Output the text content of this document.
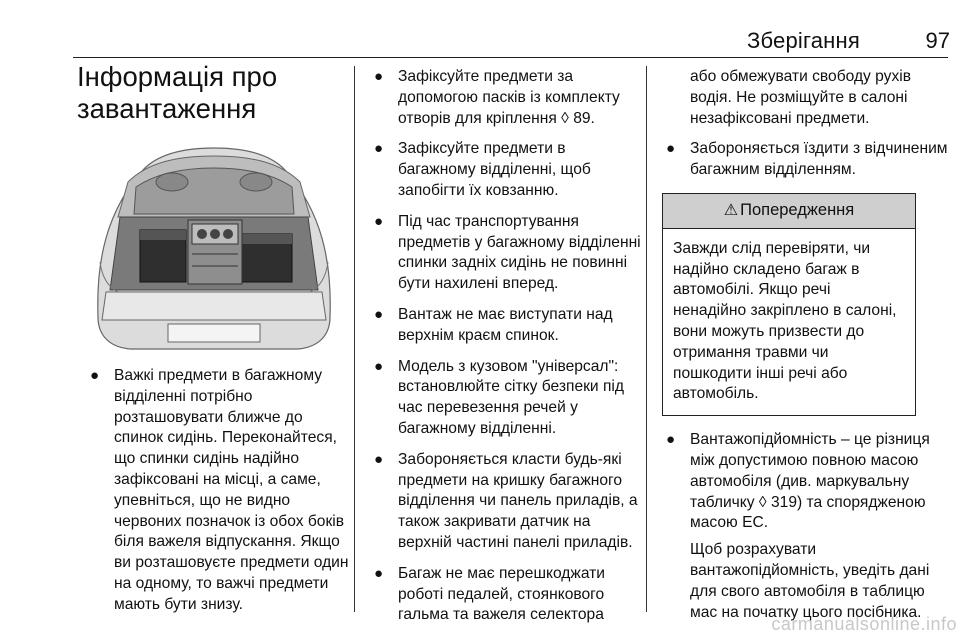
Зберігання	97
Інформація про завантаження
● Важкі предмети в багажному відділенні потрібно розташовувати ближче до спинок сидінь. Переконайтеся, що спинки сидінь надійно зафіксовані на місці, а саме, упевніться, що не видно червоних позначок із обох боків біля важеля відпускання. Якщо ви розташовуєте предмети один на одному, то важчі предмети мають бути знизу.
● Зафіксуйте предмети за допомогою пасків із комплекту отворів для кріплення ◊ 89.
● Зафіксуйте предмети в багажному відділенні, щоб запобігти їх ковзанню.
● Під час транспортування предметів у багажному відділенні спинки задніх сидінь не повинні бути нахилені вперед.
● Вантаж не має виступати над верхнім краєм спинок.
● Модель з кузовом "універсал": встановлюйте сітку безпеки під час перевезення речей у багажному відділенні.
● Забороняється класти будь-які предмети на кришку багажного відділення чи панель приладів, а також закривати датчик на верхній частині панелі приладів.
● Багаж не має перешкоджати роботі педалей, стоянкового гальма та важеля селектора

або обмежувати свободу рухів водія. Не розміщуйте в салоні незафіксовані предмети.

● Забороняється їздити з відчиненим багажним відділенням.
⚠ Попередження
Завжди слід перевіряти, чи надійно складено багаж в автомобілі. Якщо речі ненадійно закріплено в салоні, вони можуть призвести до отримання травми чи пошкодити інші речі або автомобіль.
● Вантажопідйомність – це різниця між допустимою повною масою автомобіля (див. маркувальну табличку ◊ 319) та спорядженою масою ЕС.

Щоб розрахувати вантажопідйомність, уведіть дані для свого автомобіля в таблицю мас на початку цього посібника.

carmanualsonline.info
